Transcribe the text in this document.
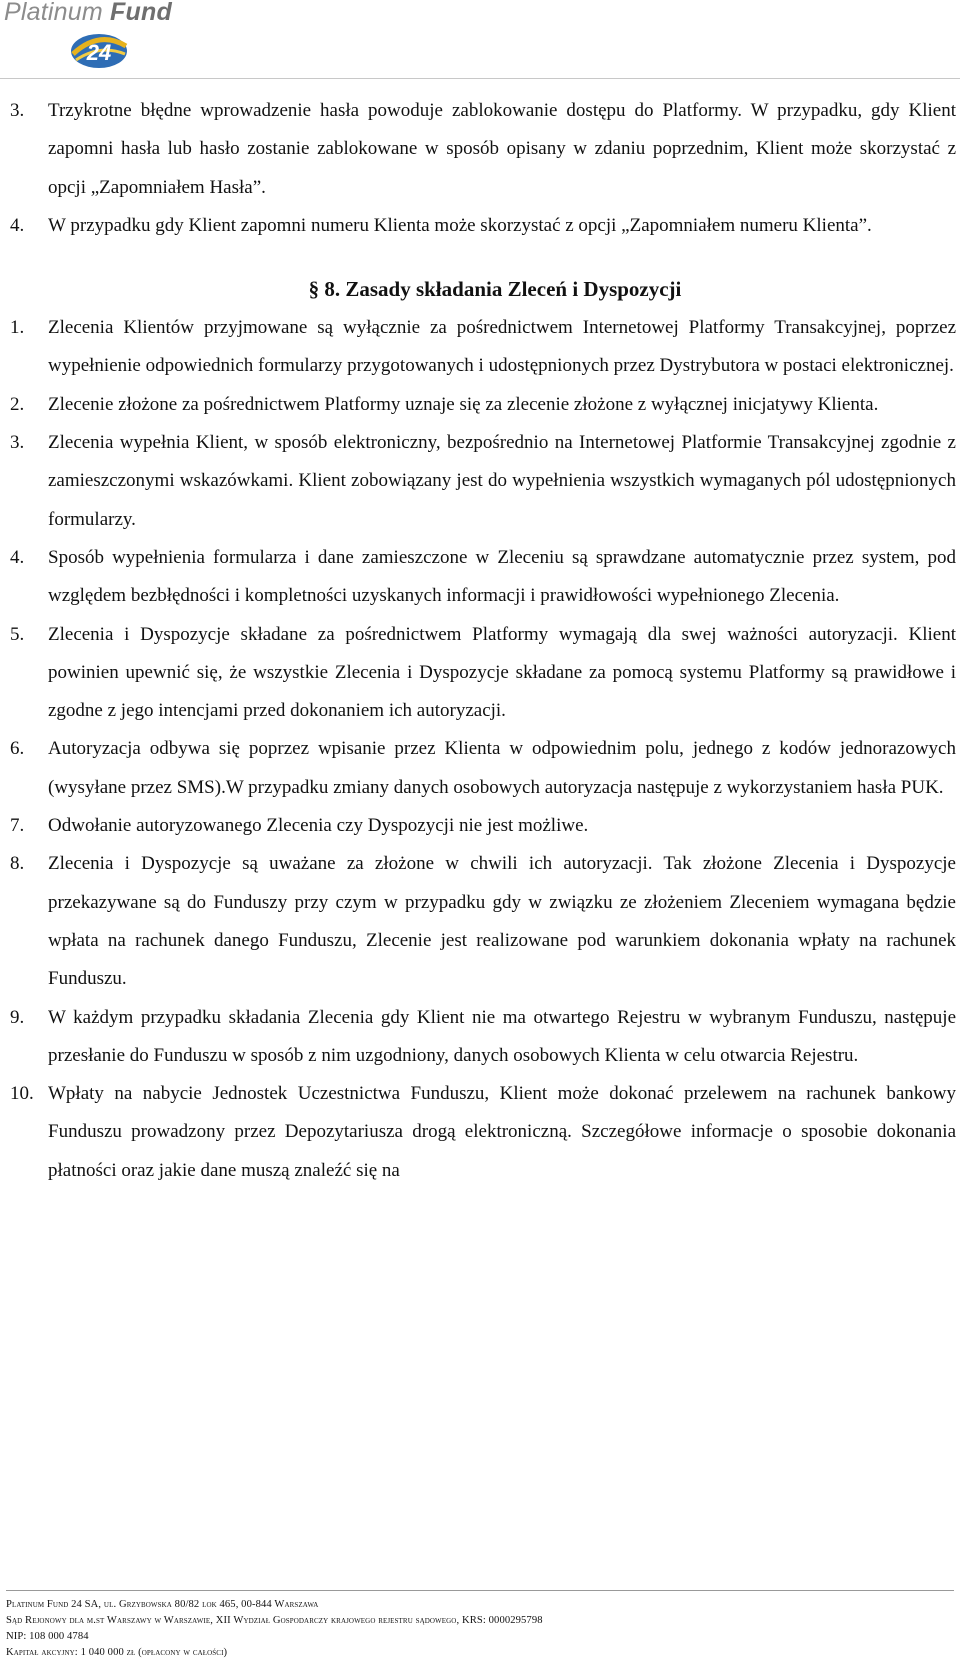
Platinum Fund
24
3. Trzykrotne błędne wprowadzenie hasła powoduje zablokowanie dostępu do Platformy. W przypadku, gdy Klient zapomni hasła lub hasło zostanie zablokowane w sposób opisany w zdaniu poprzednim, Klient może skorzystać z opcji „Zapomniałem Hasła”.
4. W przypadku gdy Klient zapomni numeru Klienta może skorzystać z opcji „Zapomniałem numeru Klienta”.
§ 8. Zasady składania Zleceń i Dyspozycji
1. Zlecenia Klientów przyjmowane są wyłącznie za pośrednictwem Internetowej Platformy Transakcyjnej, poprzez wypełnienie odpowiednich formularzy przygotowanych i udostępnionych przez Dystrybutora w postaci elektronicznej.
2. Zlecenie złożone za pośrednictwem Platformy uznaje się za zlecenie złożone z wyłącznej inicjatywy Klienta.
3. Zlecenia wypełnia Klient, w sposób elektroniczny, bezpośrednio na Internetowej Platformie Transakcyjnej zgodnie z zamieszczonymi wskazówkami. Klient zobowiązany jest do wypełnienia wszystkich wymaganych pól udostępnionych formularzy.
4. Sposób wypełnienia formularza i dane zamieszczone w Zleceniu są sprawdzane automatycznie przez system, pod względem bezbłędności i kompletności uzyskanych informacji i prawidłowości wypełnionego Zlecenia.
5. Zlecenia i Dyspozycje składane za pośrednictwem Platformy wymagają dla swej ważności autoryzacji. Klient powinien upewnić się, że wszystkie Zlecenia i Dyspozycje składane za pomocą systemu Platformy są prawidłowe i zgodne z jego intencjami przed dokonaniem ich autoryzacji.
6. Autoryzacja odbywa się poprzez wpisanie przez Klienta w odpowiednim polu, jednego z kodów jednorazowych (wysyłane przez SMS).W przypadku zmiany danych osobowych autoryzacja następuje z wykorzystaniem hasła PUK.
7. Odwołanie autoryzowanego Zlecenia czy Dyspozycji nie jest możliwe.
8. Zlecenia i Dyspozycje są uważane za złożone w chwili ich autoryzacji. Tak złożone Zlecenia i Dyspozycje przekazywane są do Funduszy przy czym w przypadku gdy w związku ze złożeniem Zleceniem wymagana będzie wpłata na rachunek danego Funduszu, Zlecenie jest realizowane pod warunkiem dokonania wpłaty na rachunek Funduszu.
9. W każdym przypadku składania Zlecenia gdy Klient nie ma otwartego Rejestru w wybranym Funduszu, następuje przesłanie do Funduszu w sposób z nim uzgodniony, danych osobowych Klienta w celu otwarcia Rejestru.
10. Wpłaty na nabycie Jednostek Uczestnictwa Funduszu, Klient może dokonać przelewem na rachunek bankowy Funduszu prowadzony przez Depozytariusza drogą elektroniczną. Szczegółowe informacje o sposobie dokonania płatności oraz jakie dane muszą znaleźć się na
Platinum Fund 24 SA, ul. Grzybowska 80/82 lok 465, 00-844 Warszawa
Sąd Rejonowy dla m.st Warszawy w Warszawie, XII Wydział Gospodarczy krajowego rejestru sądowego, KRS: 0000295798
NIP: 108 000 4784
Kapitał akcyjny: 1 040 000 zł (opłacony w całości)
